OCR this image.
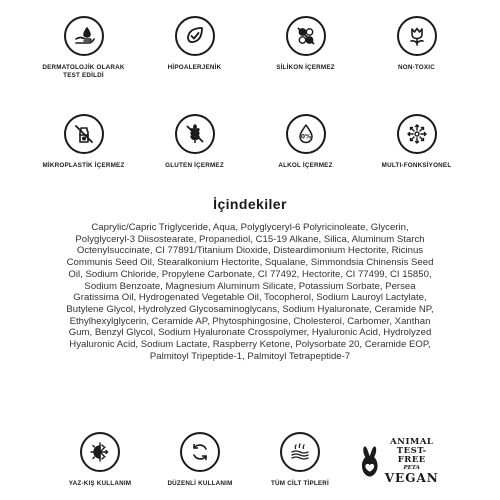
DERMATOLOJİK OLARAK TEST EDİLDİ
HİPOALERJENİK	SİLİKON İÇERMEZ	NON-TOXIC
MİKROPLASTİK İÇERMEZ	GLUTEN İÇERMEZ
0%
ALKOL İÇERMEZ	MULTI-FONKSİYONEL
İçindekiler
Caprylic/Capric Triglyceride, Aqua, Polyglyceryl-6 Polyricinoleate, Glycerin, Polyglyceryl-3 Diisostearate, Propanediol, C15-19 Alkane, Silica, Aluminum Starch Octenylsuccinate, CI 77891/Titanium Dioxide, Disteardimonium Hectorite, Ricinus Communis Seed Oil, Stearalkonium Hectorite, Squalane, Simmondsia Chinensis Seed Oil, Sodium Chloride, Propylene Carbonate, CI 77492, Hectorite, CI 77499, CI 15850, Sodium Benzoate, Magnesium Aluminum Silicate, Potassium Sorbate, Persea Gratissima Oil, Hydrogenated Vegetable Oil, Tocopherol, Sodium Lauroyl Lactylate, Butylene Glycol, Hydrolyzed Glycosaminoglycans, Sodium Hyaluronate, Ceramide NP, Ethylhexylglycerin, Ceramide AP, Phytosphingosine, Cholesterol, Carbomer, Xanthan Gum, Benzyl Glycol, Sodium Hyaluronate Crosspolymer, Hyaluronic Acid, Hydrolyzed Hyaluronic Acid, Sodium Lactate, Raspberry Ketone, Polysorbate 20, Ceramide EOP, Palmitoyl Tripeptide-1, Palmitoyl Tetrapeptide-7
YAZ-KIŞ KULLANIM	DÜZENLİ KULLANIM	TÜM CİLT TİPLERİ
ANIMAL
TEST-FREE
PETA
VEGAN
